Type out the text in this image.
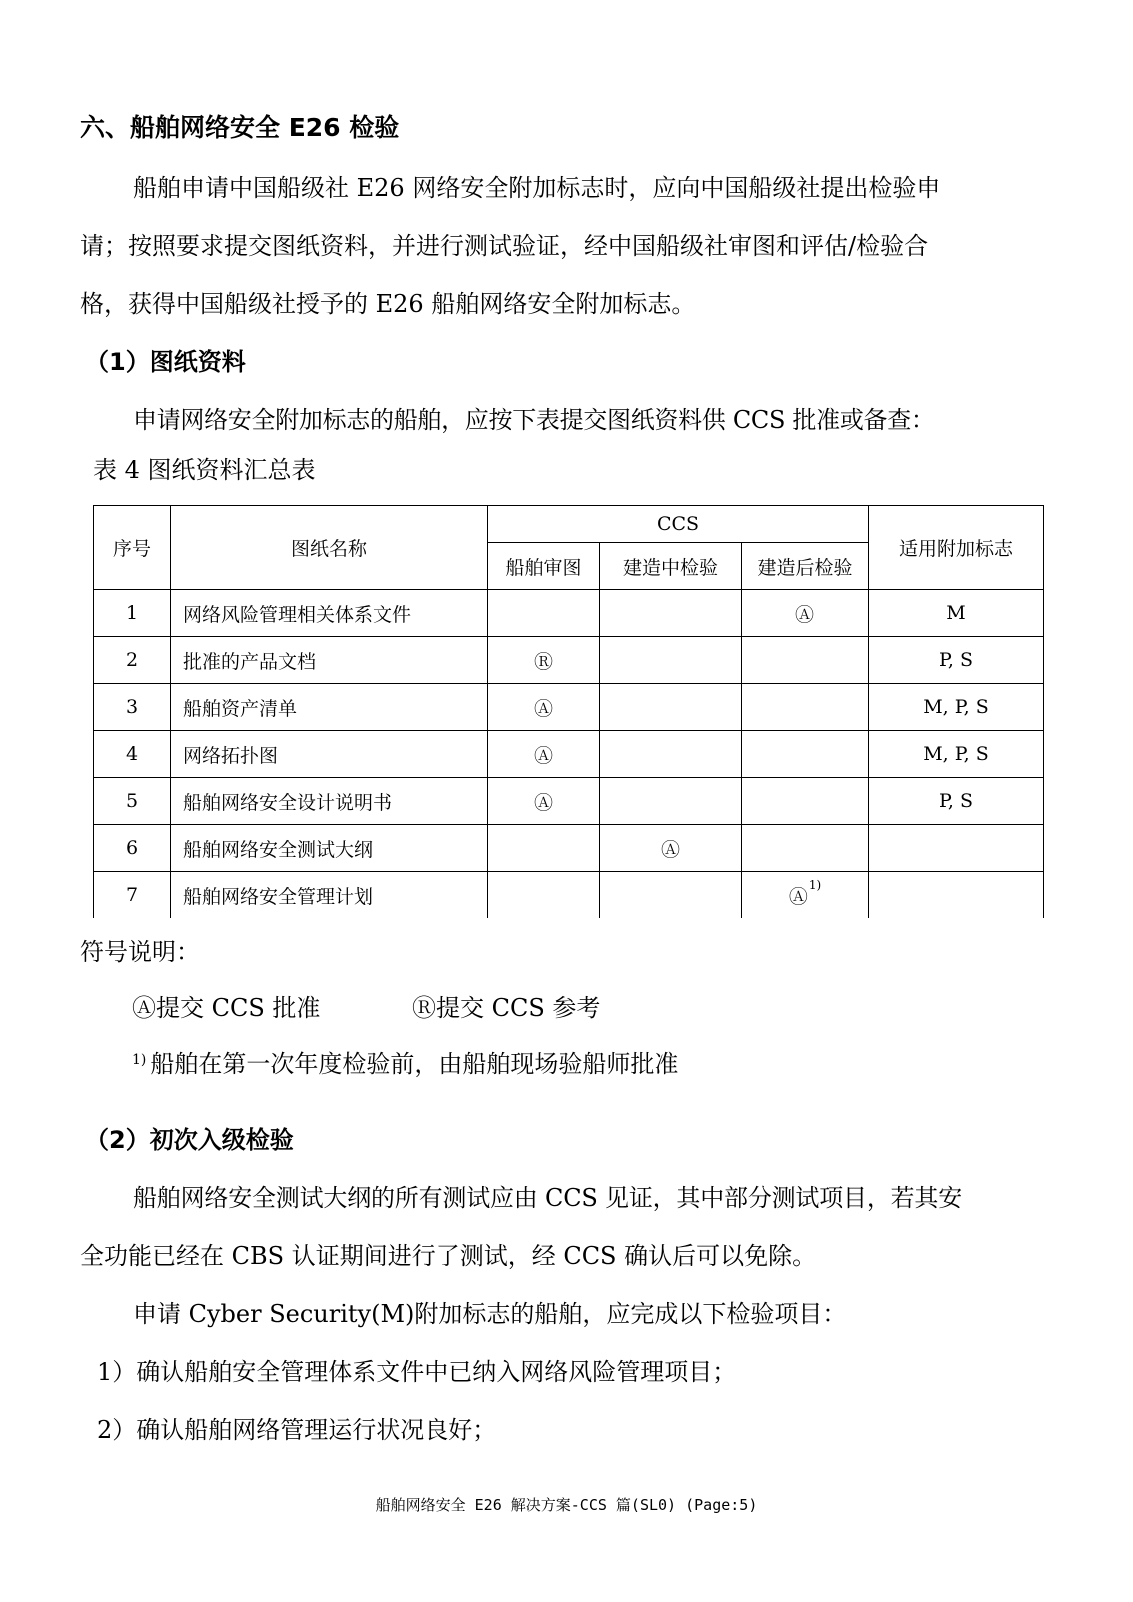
六、船舶网络安全 E26 检验
船舶申请中国船级社 E26 网络安全附加标志时，应向中国船级社提出检验申
请；按照要求提交图纸资料，并进行测试验证，经中国船级社审图和评估/检验合
格，获得中国船级社授予的 E26 船舶网络安全附加标志。
（1）图纸资料
申请网络安全附加标志的船舶，应按下表提交图纸资料供 CCS 批准或备查：
表 4 图纸资料汇总表
序号	图纸名称	CCS			适用附加标志
		船舶审图	建造中检验	建造后检验	
1	网络风险管理相关体系文件			Ⓐ	M
2	批准的产品文档	Ⓡ			P, S
3	船舶资产清单	Ⓐ			M, P, S
4	网络拓扑图	Ⓐ			M, P, S
5	船舶网络安全设计说明书	Ⓐ			P, S
6	船舶网络安全测试大纲		Ⓐ		
7	船舶网络安全管理计划			Ⓐ$^{1)}$	
符号说明：
Ⓐ提交 CCS 批准	Ⓡ提交 CCS 参考
1) 船舶在第一次年度检验前，由船舶现场验船师批准
（2）初次入级检验
船舶网络安全测试大纲的所有测试应由 CCS 见证，其中部分测试项目，若其安
全功能已经在 CBS 认证期间进行了测试，经 CCS 确认后可以免除。
申请 Cyber Security(M)附加标志的船舶，应完成以下检验项目：
1）确认船舶安全管理体系文件中已纳入网络风险管理项目；
2）确认船舶网络管理运行状况良好；
船舶网络安全 E26 解决方案-CCS 篇(SL0) (Page:5)
